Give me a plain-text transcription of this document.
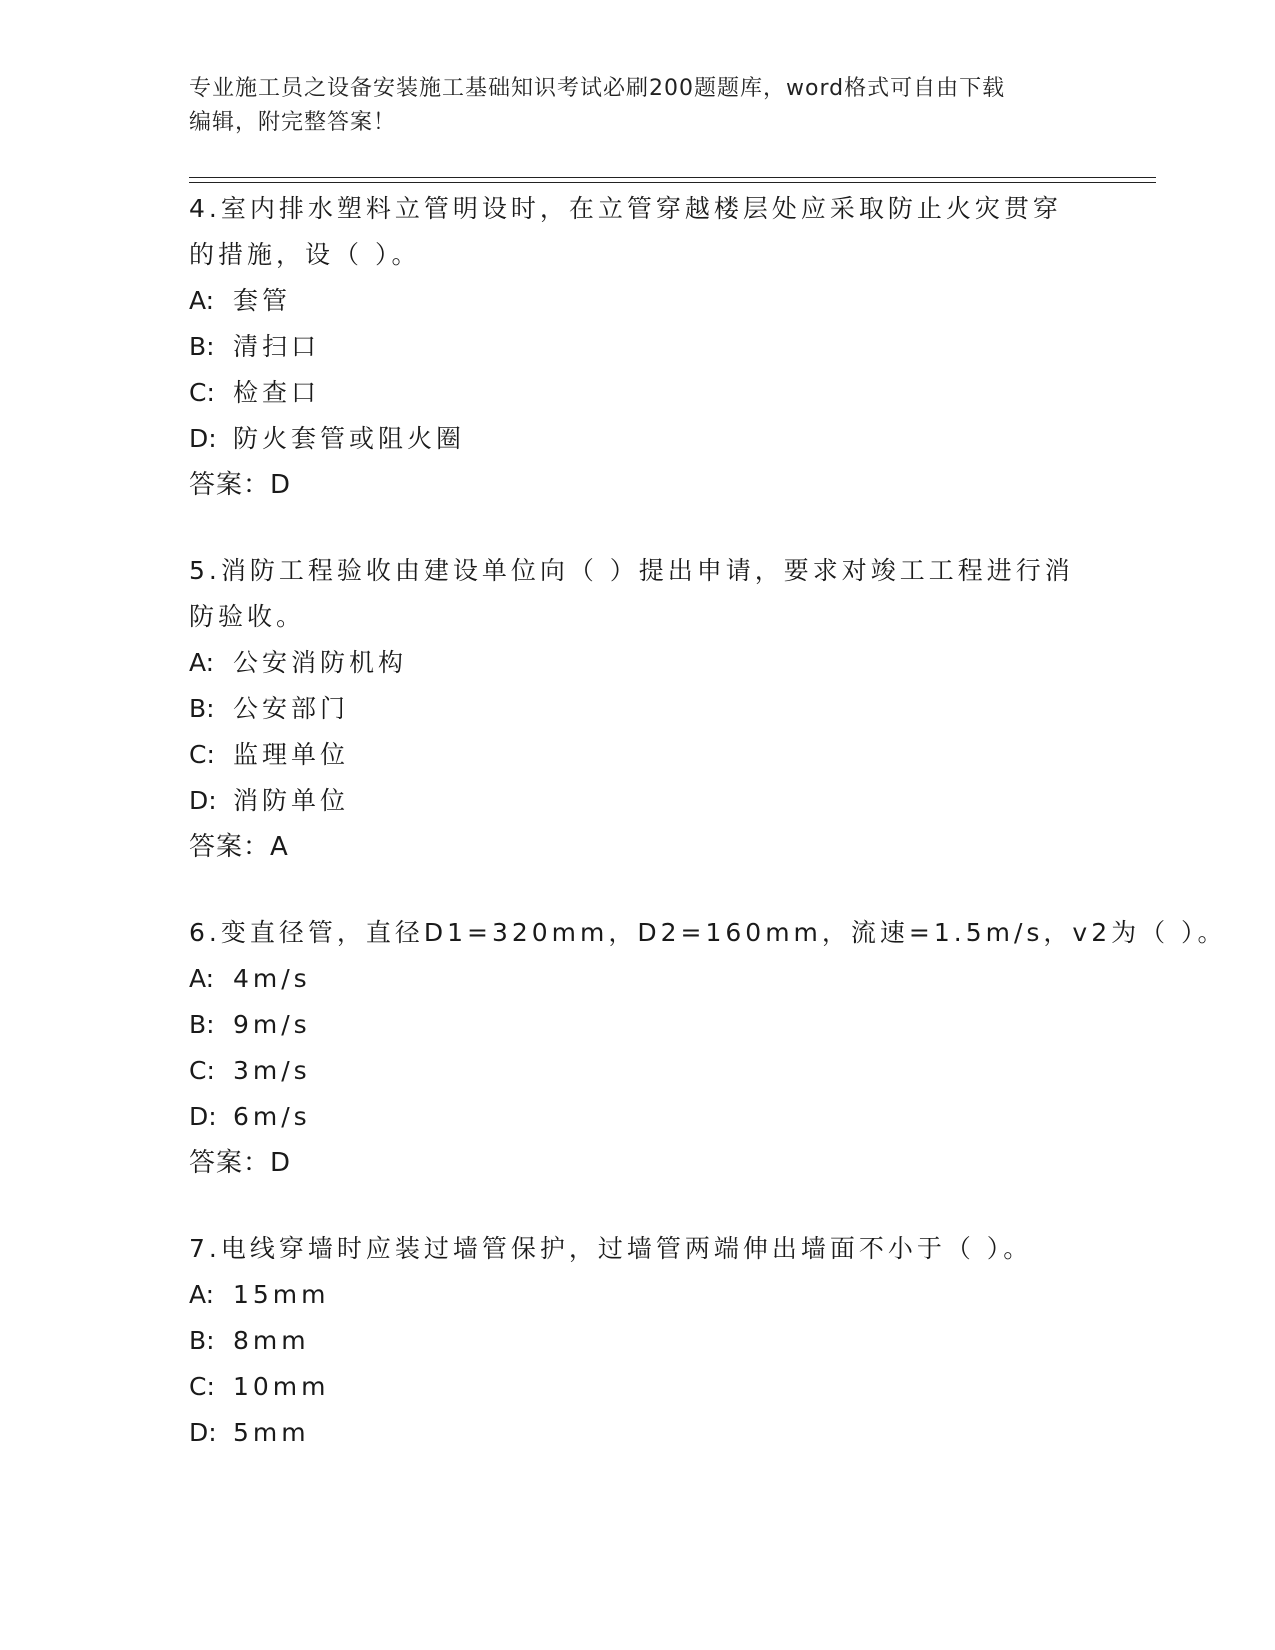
专业施工员之设备安装施工基础知识考试必刷200题题库，word格式可自由下载
编辑，附完整答案！
4.室内排水塑料立管明设时，在立管穿越楼层处应采取防止火灾贯穿
的措施，设（ ）。
A: 套管
B: 清扫口
C: 检查口
D: 防火套管或阻火圈
答案：D
5.消防工程验收由建设单位向（ ）提出申请，要求对竣工工程进行消
防验收。
A: 公安消防机构
B: 公安部门
C: 监理单位
D: 消防单位
答案：A
6.变直径管，直径D1=320mm，D2=160mm，流速=1.5m/s，v2为（ ）。
A: 4m/s
B: 9m/s
C: 3m/s
D: 6m/s
答案：D
7.电线穿墙时应装过墙管保护，过墙管两端伸出墙面不小于（ ）。
A: 15mm
B: 8mm
C: 10mm
D: 5mm
